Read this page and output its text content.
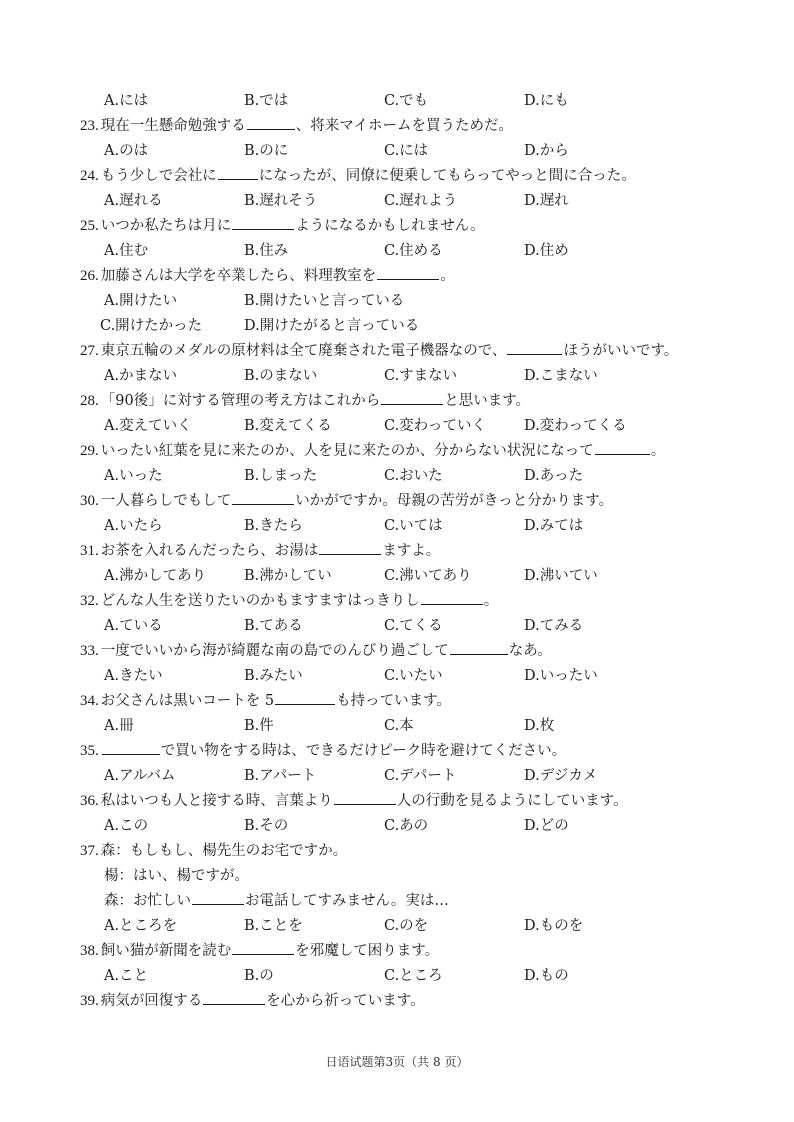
A.には	B.では	C.でも	D.にも
23. 現在一生懸命勉強する	、将来マイホームを買うためだ。
A.のは	B.のに	C.には	D.から
24. もう少しで会社に	になったが、同僚に便乗してもらってやっと間に合った。
A.遅れる	B.遅れそう	C.遅れよう	D.遅れ
25. いつか私たちは月に	ようになるかもしれません。
A.住む	B.住み	C.住める	D.住め
26. 加藤さんは大学を卒業したら、料理教室を	。
A.開けたい	B.開けたいと言っている
C.開けたかった	D.開けたがると言っている
27. 東京五輪のメダルの原材料は全て廃棄された電子機器なので、	ほうがいいです。
A.かまない	B.のまない	C.すまない	D.こまない
28. 「90後」に対する管理の考え方はこれから	と思います。
A.変えていく	B.変えてくる	C.変わっていく	D.変わってくる
29. いったい紅葉を見に来たのか、人を見に来たのか、分からない状況になって	。
A.いった	B.しまった	C.おいた	D.あった
30. 一人暮らしでもして	いかがですか。母親の苦労がきっと分かります。
A.いたら	B.きたら	C.いては	D.みては
31. お茶を入れるんだったら、お湯は	ますよ。
A.沸かしてあり	B.沸かしてい	C.沸いてあり	D.沸いてい
32. どんな人生を送りたいのかもますますはっきりし	。
A.ている	B.てある	C.てくる	D.てみる
33. 一度でいいから海が綺麗な南の島でのんびり過ごして	なあ。
A.きたい	B.みたい	C.いたい	D.いったい
34. お父さんは黒いコートを 5	も持っています。
A.冊	B.件	C.本	D.枚
35.	で買い物をする時は、できるだけピーク時を避けてください。
A.アルバム	B.アパート	C.デパート	D.デジカメ
36. 私はいつも人と接する時、言葉より	人の行動を見るようにしています。
A.この	B.その	C.あの	D.どの
37. 森：もしもし、楊先生のお宅ですか。
楊：はい、楊ですが。
森：お忙しい	お電話してすみません。実は…
A.ところを	B.ことを	C.のを	D.ものを
38. 飼い猫が新聞を読む	を邪魔して困ります。
A.こと	B.の	C.ところ	D.もの
39. 病気が回復する	を心から祈っています。
日语试题第3页（共 8 页）
